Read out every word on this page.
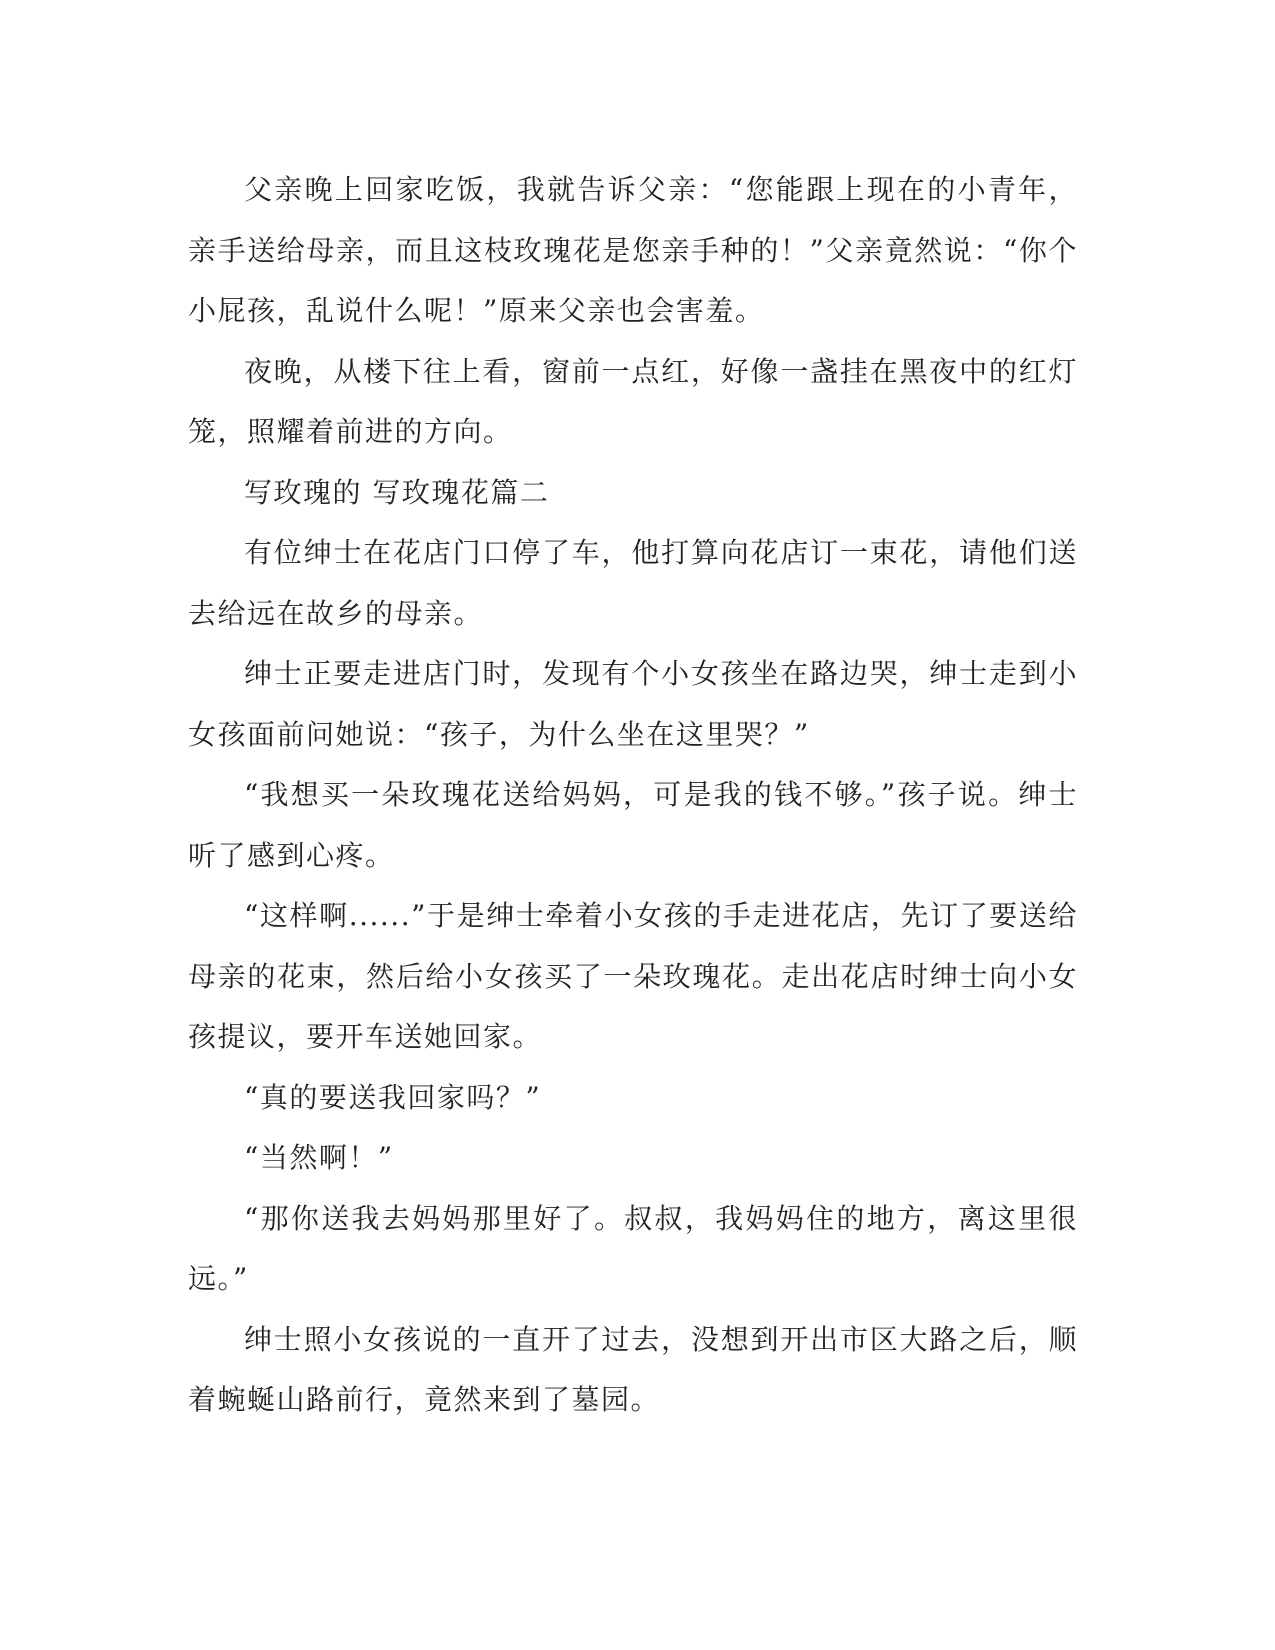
父亲晚上回家吃饭，我就告诉父亲：“您能跟上现在的小青年，亲手送给母亲，而且这枝玫瑰花是您亲手种的！”父亲竟然说：“你个小屁孩，乱说什么呢！”原来父亲也会害羞。

夜晚，从楼下往上看，窗前一点红，好像一盏挂在黑夜中的红灯笼，照耀着前进的方向。

写玫瑰的 写玫瑰花篇二

有位绅士在花店门口停了车，他打算向花店订一束花，请他们送去给远在故乡的母亲。

绅士正要走进店门时，发现有个小女孩坐在路边哭，绅士走到小女孩面前问她说：“孩子，为什么坐在这里哭？”

“我想买一朵玫瑰花送给妈妈，可是我的钱不够。”孩子说。绅士听了感到心疼。

“这样啊......”于是绅士牵着小女孩的手走进花店，先订了要送给母亲的花束，然后给小女孩买了一朵玫瑰花。走出花店时绅士向小女孩提议，要开车送她回家。

“真的要送我回家吗？”

“当然啊！”

“那你送我去妈妈那里好了。叔叔，我妈妈住的地方，离这里很远。”

绅士照小女孩说的一直开了过去，没想到开出市区大路之后，顺着蜿蜒山路前行，竟然来到了墓园。
